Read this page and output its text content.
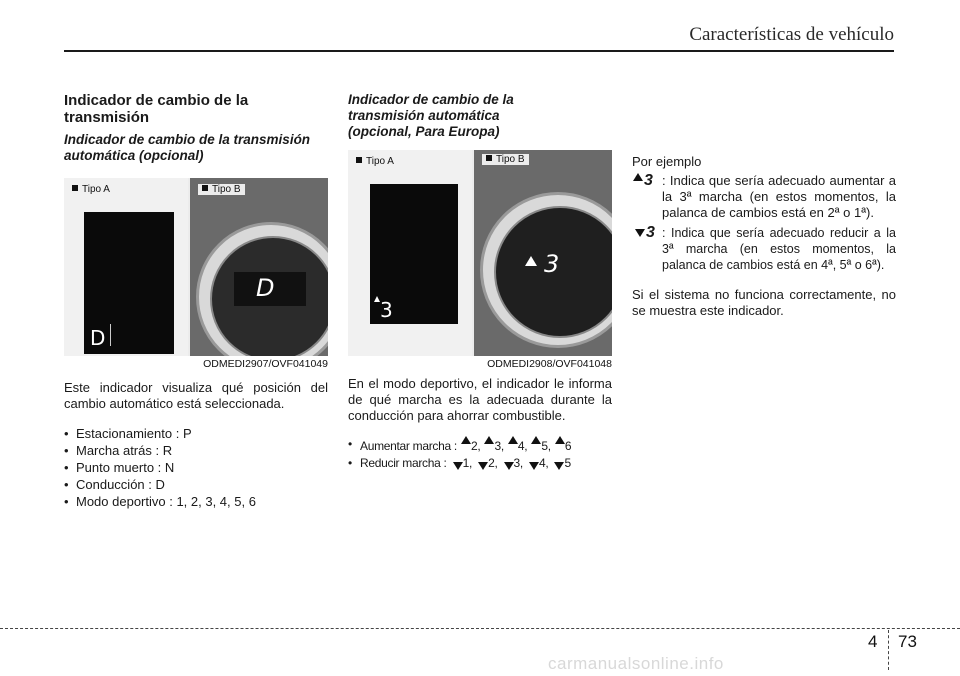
Características de vehículo
Indicador de cambio de la transmisión
Indicador de cambio de la transmisión automática (opcional)
Tipo A
D
Tipo B
D
ODMEDI2907/OVF041049

Este indicador visualiza qué posición del cambio automático está seleccionada.

• Estacionamiento : P
• Marcha atrás : R
• Punto muerto : N
• Conducción : D
• Modo deportivo : 1, 2, 3, 4, 5, 6
Indicador de cambio de la transmisión automática (opcional, Para Europa)
Tipo A
3
Tipo B
3
ODMEDI2908/OVF041048

En el modo deportivo, el indicador le informa de qué marcha es la adecuada durante la conducción para ahorrar combustible.

• Aumentar marcha : 2, 3, 4, 5, 6
• Reducir marcha : 1, 2, 3, 4, 5

Por ejemplo

3 : Indica que sería adecuado aumentar a la 3ª marcha (en estos momentos, la palanca de cambios está en 2ª o 1ª).
3 : Indica que sería adecuado reducir a la 3ª marcha (en estos momentos, la palanca de cambios está en 4ª, 5ª o 6ª).

Si el sistema no funciona correctamente, no se muestra este indicador.

4 73
carmanualsonline.info
